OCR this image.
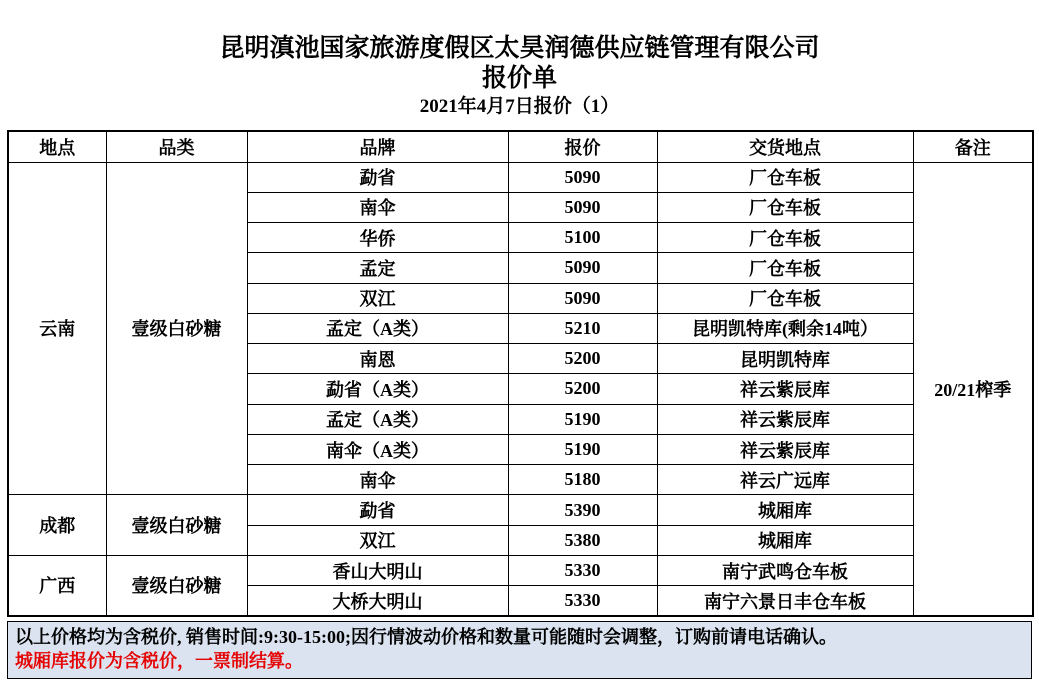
昆明滇池国家旅游度假区太昊润德供应链管理有限公司
报价单
2021年4月7日报价（1）
地点	品类	品牌	报价	交货地点	备注
云南	壹级白砂糖	勐省	5090	厂仓车板	20/21榨季
		南伞	5090	厂仓车板	
		华侨	5100	厂仓车板	
		孟定	5090	厂仓车板	
		双江	5090	厂仓车板	
		孟定（A类）	5210	昆明凯特库(剩余14吨）	
		南恩	5200	昆明凯特库	
		勐省（A类）	5200	祥云紫辰库	
		孟定（A类）	5190	祥云紫辰库	
		南伞（A类）	5190	祥云紫辰库	
		南伞	5180	祥云广远库	
成都	壹级白砂糖	勐省	5390	城厢库	
		双江	5380	城厢库	
广西	壹级白砂糖	香山大明山	5330	南宁武鸣仓车板	
		大桥大明山	5330	南宁六景日丰仓车板	
以上价格均为含税价, 销售时间:9:30-15:00;因行情波动价格和数量可能随时会调整，订购前请电话确认。
城厢库报价为含税价，一票制结算。
